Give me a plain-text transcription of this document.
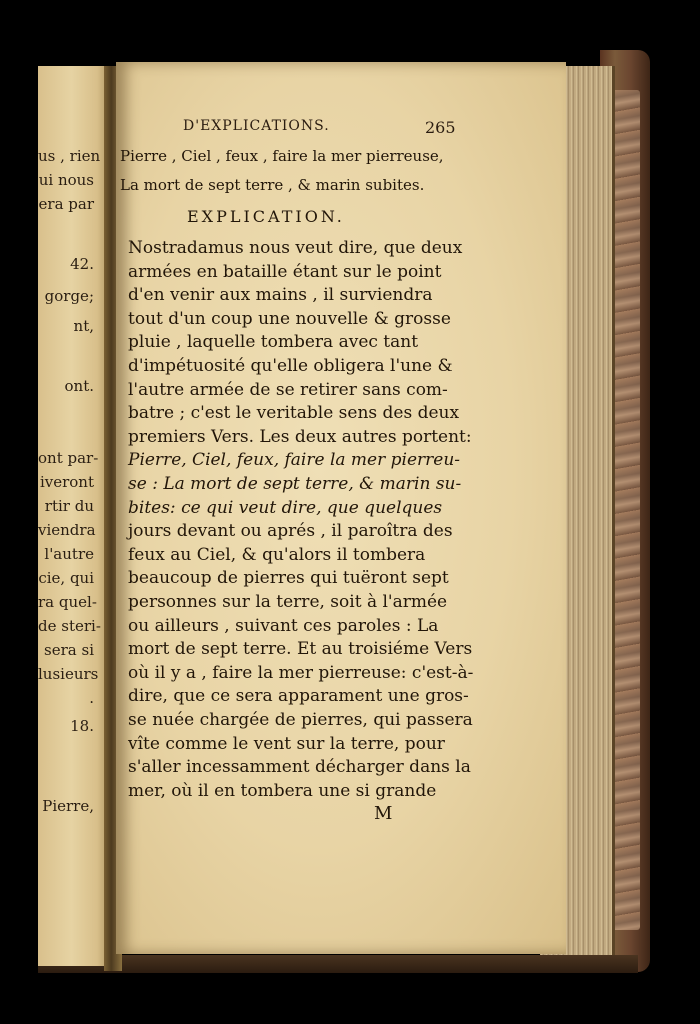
us , rien
ui nous
era par
42.
gorge;
nt,
ont.
ont par-
iveront
rtir du
viendra
l'autre
cie, qui
ra quel-
de steri-
sera si
lusieurs
.
18.
Pierre,
D'EXPLICATIONS.	265
Pierre , Ciel , feux , faire la mer pierreuse,
La mort de sept terre , & marin subites.
EXPLICATION.
Nostradamus nous veut dire, que deux
armées en bataille étant sur le point
d'en venir aux mains , il surviendra
tout d'un coup une nouvelle & grosse
pluie , laquelle tombera avec tant
d'impétuosité qu'elle obligera l'une &
l'autre armée de se retirer sans com-
batre ; c'est le veritable sens des deux
premiers Vers. Les deux autres portent:
Pierre, Ciel, feux, faire la mer pierreu-
se : La mort de sept terre, & marin su-
bites: ce qui veut dire, que quelques
jours devant ou aprés , il paroîtra des
feux au Ciel, & qu'alors il tombera
beaucoup de pierres qui tuëront sept
personnes sur la terre, soit à l'armée
ou ailleurs , suivant ces paroles : La
mort de sept terre. Et au troisiéme Vers
où il y a , faire la mer pierreuse: c'est-à-
dire, que ce sera apparament une gros-
se nuée chargée de pierres, qui passera
vîte comme le vent sur la terre, pour
s'aller incessamment décharger dans la
mer, où il en tombera une si grande
M
